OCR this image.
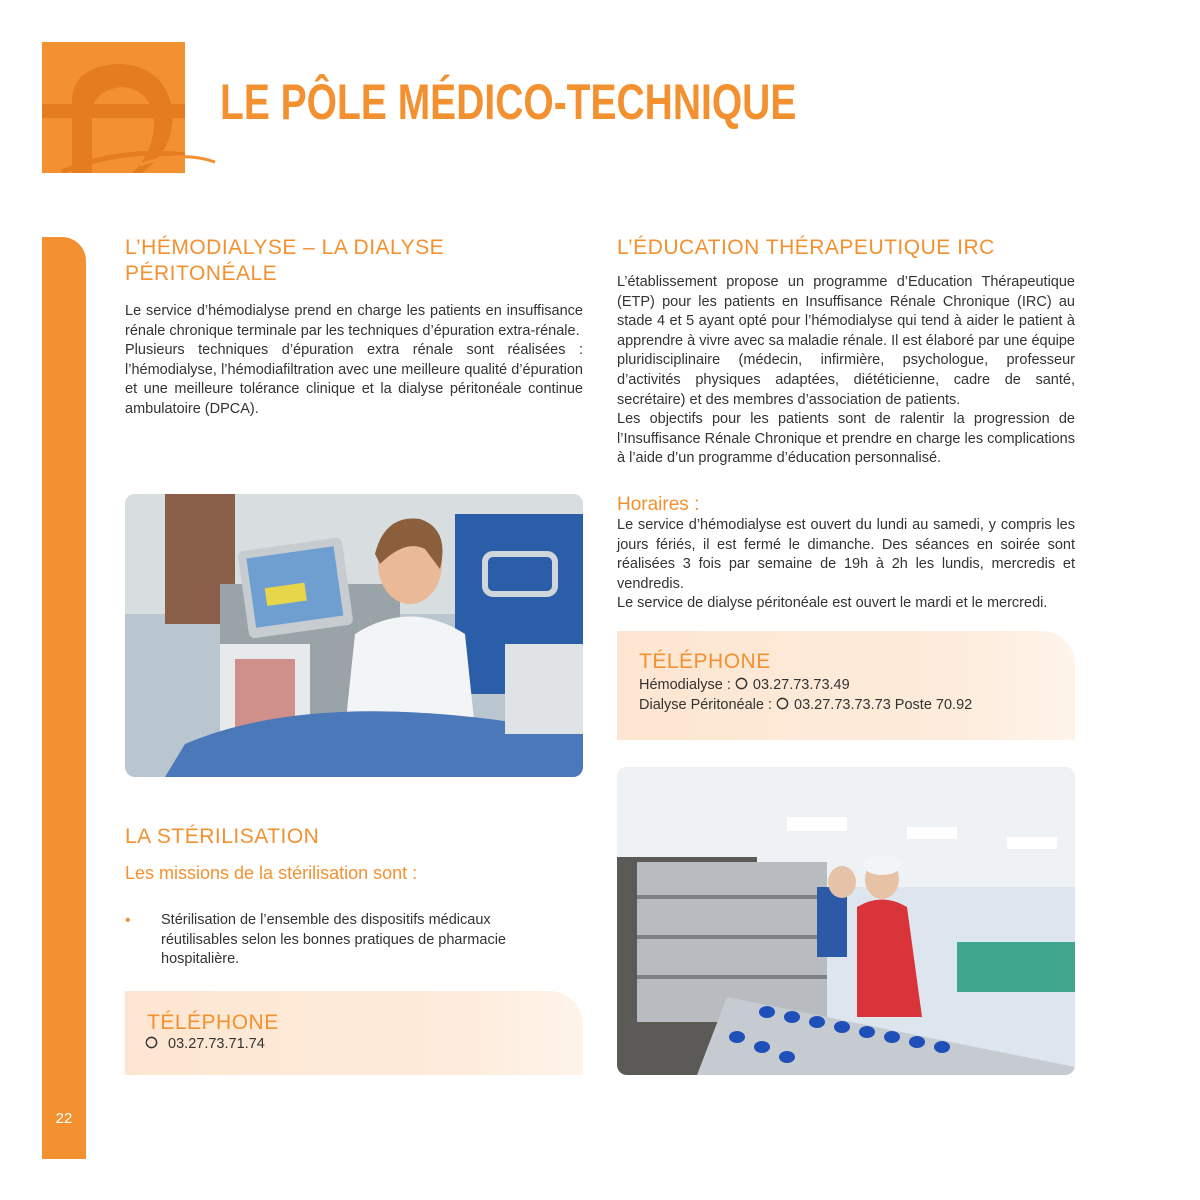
LE PÔLE MÉDICO-TECHNIQUE
22
L’HÉMODIALYSE – LA DIALYSE PÉRITONÉALE
Le service d’hémodialyse prend en charge les patients en insuffisance rénale chronique terminale par les techniques d’épuration extra-rénale.
Plusieurs techniques d’épuration extra rénale sont réalisées : l’hémodialyse, l’hémodiafiltration avec une meilleure qualité d’épuration et une meilleure tolérance clinique et la dialyse péritonéale continue ambulatoire (DPCA).
LA STÉRILISATION
Les missions de la stérilisation sont :
• Stérilisation de l’ensemble des dispositifs médicaux réutilisables selon les bonnes pratiques de pharmacie hospitalière.
TÉLÉPHONE
03.27.73.71.74
L’ÉDUCATION THÉRAPEUTIQUE IRC
L’établissement propose un programme d’Education Thérapeutique (ETP) pour les patients en Insuffisance Rénale Chronique (IRC) au stade 4 et 5 ayant opté pour l’hémodialyse qui tend à aider le patient à apprendre à vivre avec sa maladie rénale. Il est élaboré par une équipe pluridisciplinaire (médecin, infirmière, psychologue, professeur d’activités physiques adaptées, diététicienne, cadre de santé, secrétaire) et des membres d’association de patients.
Les objectifs pour les patients sont de ralentir la progression de l’Insuffisance Rénale Chronique et prendre en charge les complications à l’aide d’un programme d’éducation personnalisé.
Horaires :
Le service d’hémodialyse est ouvert du lundi au samedi, y compris les jours fériés, il est fermé le dimanche. Des séances en soirée sont réalisées 3 fois par semaine de 19h à 2h les lundis, mercredis et vendredis.
Le service de dialyse péritonéale est ouvert le mardi et le mercredi.
TÉLÉPHONE
Hémodialyse : 03.27.73.73.49
Dialyse Péritonéale : 03.27.73.73.73 Poste 70.92
